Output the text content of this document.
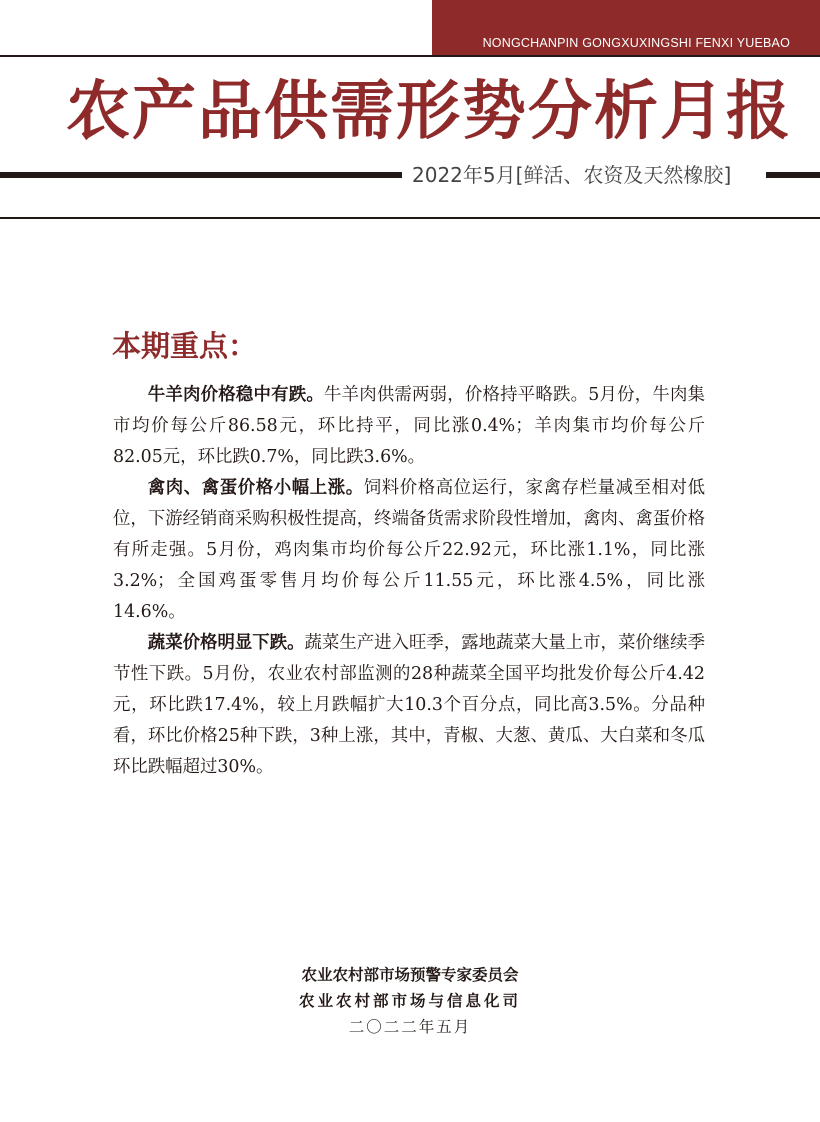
NONGCHANPIN GONGXUXINGSHI FENXI YUEBAO
农产品供需形势分析月报
2022年5月[鲜活、农资及天然橡胶]
本期重点：

牛羊肉价格稳中有跌。牛羊肉供需两弱，价格持平略跌。5月份，牛肉集市均价每公斤86.58元，环比持平，同比涨0.4%；羊肉集市均价每公斤82.05元，环比跌0.7%，同比跌3.6%。

禽肉、禽蛋价格小幅上涨。饲料价格高位运行，家禽存栏量减至相对低位，下游经销商采购积极性提高，终端备货需求阶段性增加，禽肉、禽蛋价格有所走强。5月份，鸡肉集市均价每公斤22.92元，环比涨1.1%，同比涨3.2%；全国鸡蛋零售月均价每公斤11.55元，环比涨4.5%，同比涨14.6%。

蔬菜价格明显下跌。蔬菜生产进入旺季，露地蔬菜大量上市，菜价继续季节性下跌。5月份，农业农村部监测的28种蔬菜全国平均批发价每公斤4.42元，环比跌17.4%，较上月跌幅扩大10.3个百分点，同比高3.5%。分品种看，环比价格25种下跌，3种上涨，其中，青椒、大葱、黄瓜、大白菜和冬瓜环比跌幅超过30%。

农业农村部市场预警专家委员会
农业农村部市场与信息化司
二〇二二年五月
